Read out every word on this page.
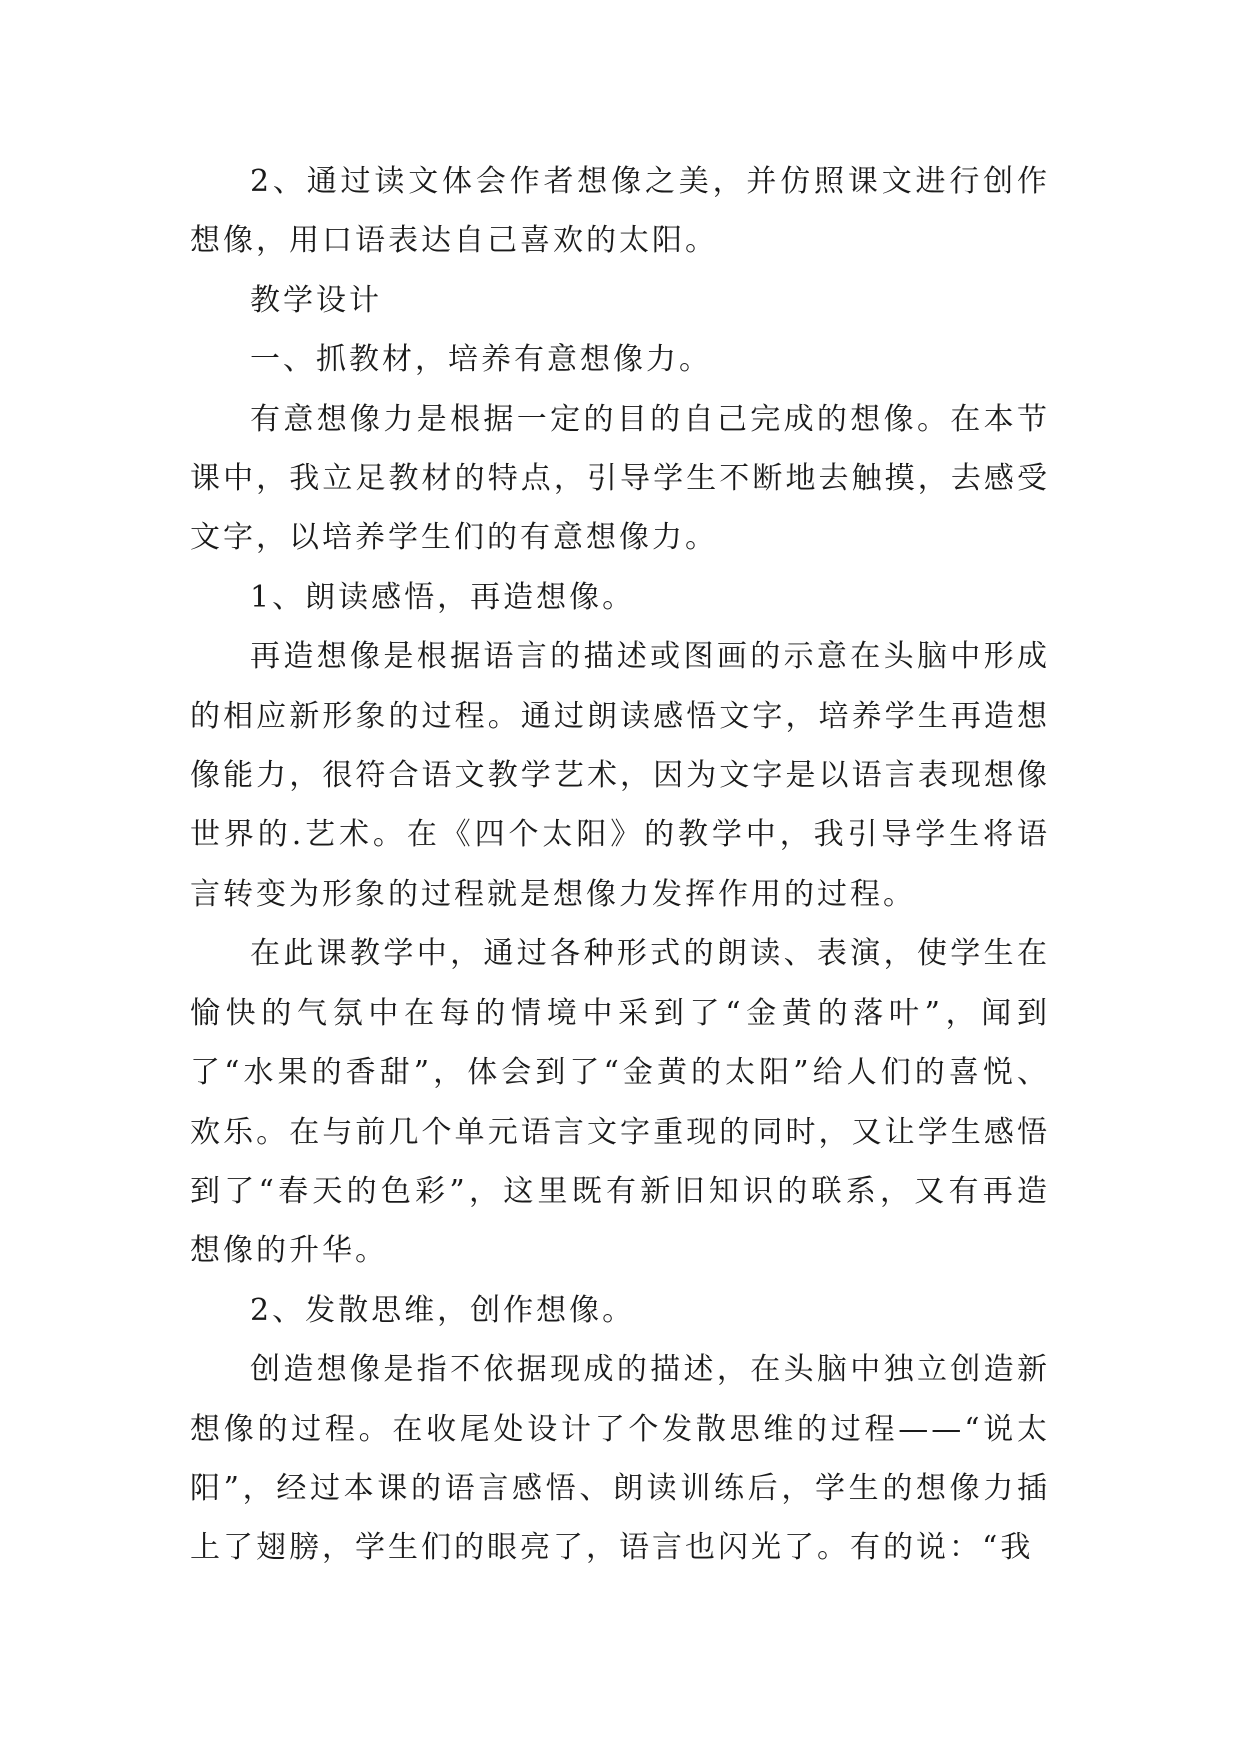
2、通过读文体会作者想像之美，并仿照课文进行创作想像，用口语表达自己喜欢的太阳。

教学设计

一、抓教材，培养有意想像力。

有意想像力是根据一定的目的自己完成的想像。在本节课中，我立足教材的特点，引导学生不断地去触摸，去感受文字，以培养学生们的有意想像力。

1、朗读感悟，再造想像。

再造想像是根据语言的描述或图画的示意在头脑中形成的相应新形象的过程。通过朗读感悟文字，培养学生再造想像能力，很符合语文教学艺术，因为文字是以语言表现想像世界的.艺术。在《四个太阳》的教学中，我引导学生将语言转变为形象的过程就是想像力发挥作用的过程。

在此课教学中，通过各种形式的朗读、表演，使学生在愉快的气氛中在每的情境中采到了“金黄的落叶”，闻到了“水果的香甜”，体会到了“金黄的太阳”给人们的喜悦、欢乐。在与前几个单元语言文字重现的同时，又让学生感悟到了“春天的色彩”，这里既有新旧知识的联系，又有再造想像的升华。

2、发散思维，创作想像。

创造想像是指不依据现成的描述，在头脑中独立创造新想像的过程。在收尾处设计了个发散思维的过程——“说太阳”，经过本课的语言感悟、朗读训练后，学生的想像力插上了翅膀，学生们的眼亮了，语言也闪光了。有的说：“我
